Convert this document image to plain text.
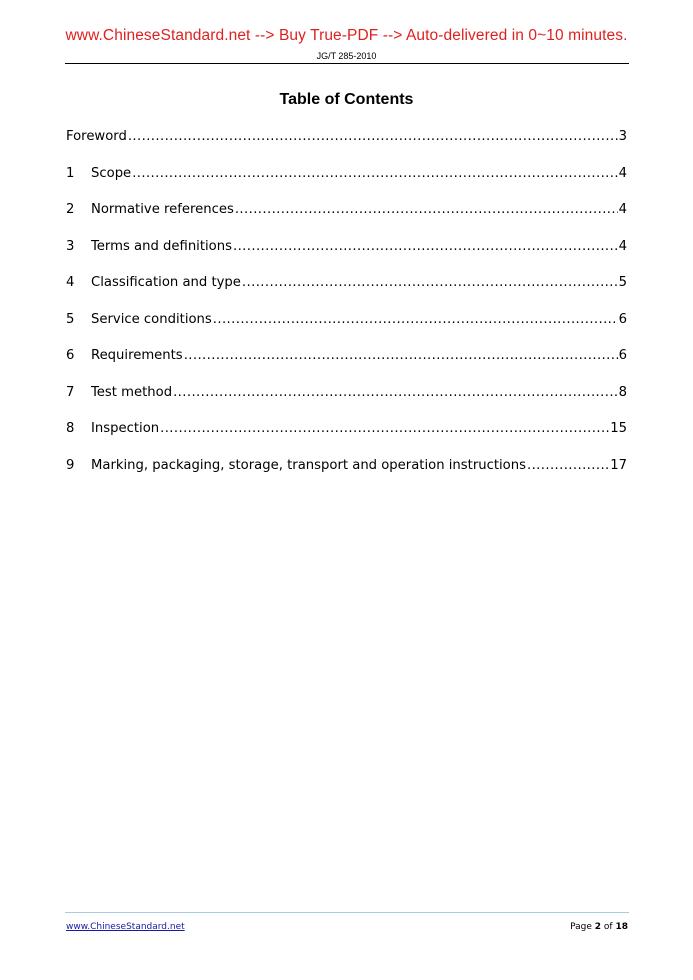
www.ChineseStandard.net --> Buy True-PDF --> Auto-delivered in 0~10 minutes.
JG/T 285-2010
Table of Contents
Foreword .....	3
1	Scope .....	4
2	Normative references .....	4
3	Terms and definitions .....	4
4	Classification and type .....	5
5	Service conditions .....	6
6	Requirements .....	6
7	Test method .....	8
8	Inspection .....	15
9	Marking, packaging, storage, transport and operation instructions .....	17
www.ChineseStandard.net	Page 2 of 18
